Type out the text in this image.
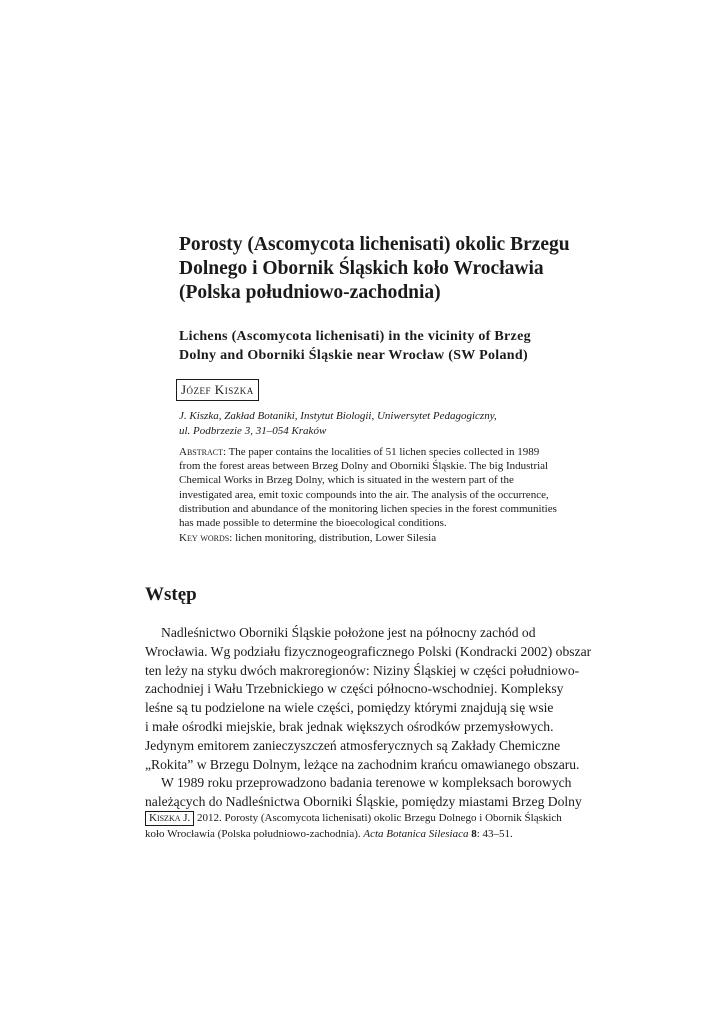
Porosty (Ascomycota lichenisati) okolic Brzegu
Dolnego i Obornik Śląskich koło Wrocławia
(Polska południowo-zachodnia)
Lichens (Ascomycota lichenisati) in the vicinity of Brzeg
Dolny and Oborniki Śląskie near Wrocław (SW Poland)
Józef Kiszka
J. Kiszka, Zakład Botaniki, Instytut Biologii, Uniwersytet Pedagogiczny,
ul. Podbrzezie 3, 31–054 Kraków
Abstract: The paper contains the localities of 51 lichen species collected in 1989
from the forest areas between Brzeg Dolny and Oborniki Śląskie. The big Industrial
Chemical Works in Brzeg Dolny, which is situated in the western part of the
investigated area, emit toxic compounds into the air. The analysis of the occurrence,
distribution and abundance of the monitoring lichen species in the forest communities
has made possible to determine the bioecological conditions.
Key words: lichen monitoring, distribution, Lower Silesia
Wstęp
Nadleśnictwo Oborniki Śląskie położone jest na północny zachód od
Wrocławia. Wg podziału fizycznogeograficznego Polski (Kondracki 2002) obszar
ten leży na styku dwóch makroregionów: Niziny Śląskiej w części południowo-
zachodniej i Wału Trzebnickiego w części północno-wschodniej. Kompleksy
leśne są tu podzielone na wiele części, pomiędzy którymi znajdują się wsie
i małe ośrodki miejskie, brak jednak większych ośrodków przemysłowych.
Jedynym emitorem zanieczyszczeń atmosferycznych są Zakłady Chemiczne
„Rokita” w Brzegu Dolnym, leżące na zachodnim krańcu omawianego obszaru.
W 1989 roku przeprowadzono badania terenowe w kompleksach borowych
należących do Nadleśnictwa Oborniki Śląskie, pomiędzy miastami Brzeg Dolny
Kiszka J. 2012. Porosty (Ascomycota lichenisati) okolic Brzegu Dolnego i Obornik Śląskich
koło Wrocławia (Polska południowo-zachodnia). Acta Botanica Silesiaca 8: 43–51.
